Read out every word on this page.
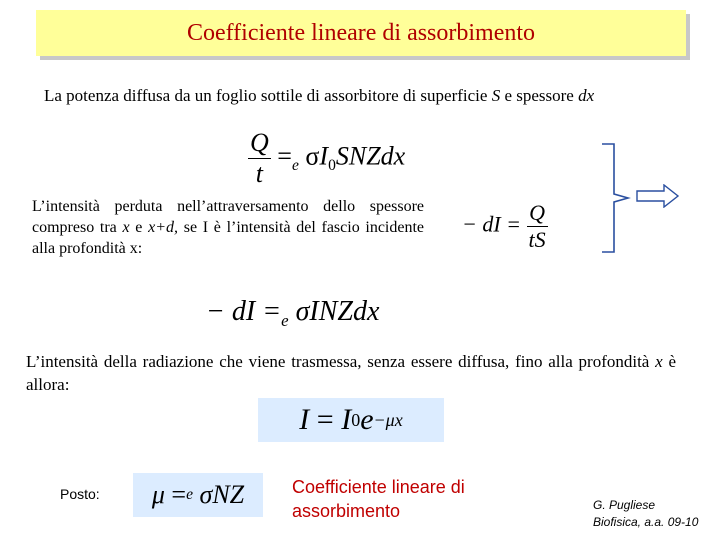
Coefficiente lineare di assorbimento
La potenza diffusa da un foglio sottile di assorbitore di superficie S e spessore dx
$\frac{Q}{t} =_e$ $\sigma I_0SNZdx$
L’intensità perduta nell’attraversamento dello spessore compreso tra x e x+d, se I è l’intensità del fascio incidente alla profondità x:
− dI = $\frac{Q}{tS}$
− dI $=_e$ σINZdx
L’intensità della radiazione che viene trasmessa, senza essere diffusa, fino alla profondità x è allora:
I
=
I 0 e −μx
Posto: μ
= e
σNZ	Coefficiente lineare di
assorbimento	G. Pugliese
Biofisica, a.a. 09-10
